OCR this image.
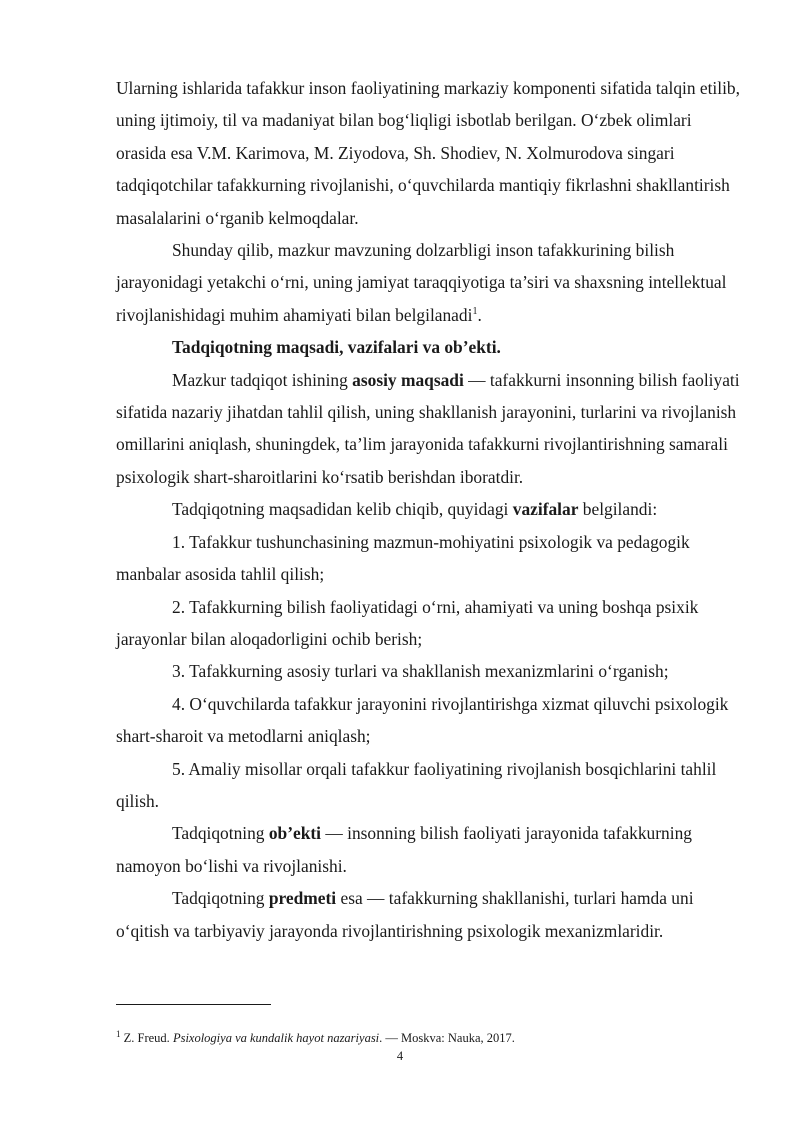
Ularning ishlarida tafakkur inson faoliyatining markaziy komponenti sifatida talqin etilib, uning ijtimoiy, til va madaniyat bilan bog‘liqligi isbotlab berilgan. O‘zbek olimlari orasida esa V.M. Karimova, M. Ziyodova, Sh. Shodiev, N. Xolmurodova singari tadqiqotchilar tafakkurning rivojlanishi, o‘quvchilarda mantiqiy fikrlashni shakllantirish masalalarini o‘rganib kelmoqdalar.

Shunday qilib, mazkur mavzuning dolzarbligi inson tafakkurining bilish jarayonidagi yetakchi o‘rni, uning jamiyat taraqqiyotiga ta’siri va shaxsning intellektual rivojlanishidagi muhim ahamiyati bilan belgilanadi$^1$.

Tadqiqotning maqsadi, vazifalari va ob’ekti.

Mazkur tadqiqot ishining asosiy maqsadi — tafakkurni insonning bilish faoliyati sifatida nazariy jihatdan tahlil qilish, uning shakllanish jarayonini, turlarini va rivojlanish omillarini aniqlash, shuningdek, ta’lim jarayonida tafakkurni rivojlantirishning samarali psixologik shart-sharoitlarini ko‘rsatib berishdan iboratdir.

Tadqiqotning maqsadidan kelib chiqib, quyidagi vazifalar belgilandi:

1. Tafakkur tushunchasining mazmun-mohiyatini psixologik va pedagogik manbalar asosida tahlil qilish;

2. Tafakkurning bilish faoliyatidagi o‘rni, ahamiyati va uning boshqa psixik jarayonlar bilan aloqadorligini ochib berish;

3. Tafakkurning asosiy turlari va shakllanish mexanizmlarini o‘rganish;

4. O‘quvchilarda tafakkur jarayonini rivojlantirishga xizmat qiluvchi psixologik shart-sharoit va metodlarni aniqlash;

5. Amaliy misollar orqali tafakkur faoliyatining rivojlanish bosqichlarini tahlil qilish.

Tadqiqotning ob’ekti — insonning bilish faoliyati jarayonida tafakkurning namoyon bo‘lishi va rivojlanishi.

Tadqiqotning predmeti esa — tafakkurning shakllanishi, turlari hamda uni o‘qitish va tarbiyaviy jarayonda rivojlantirishning psixologik mexanizmlaridir.

$^1$ Z. Freud. Psixologiya va kundalik hayot nazariyasi. — Moskva: Nauka, 2017.
4
